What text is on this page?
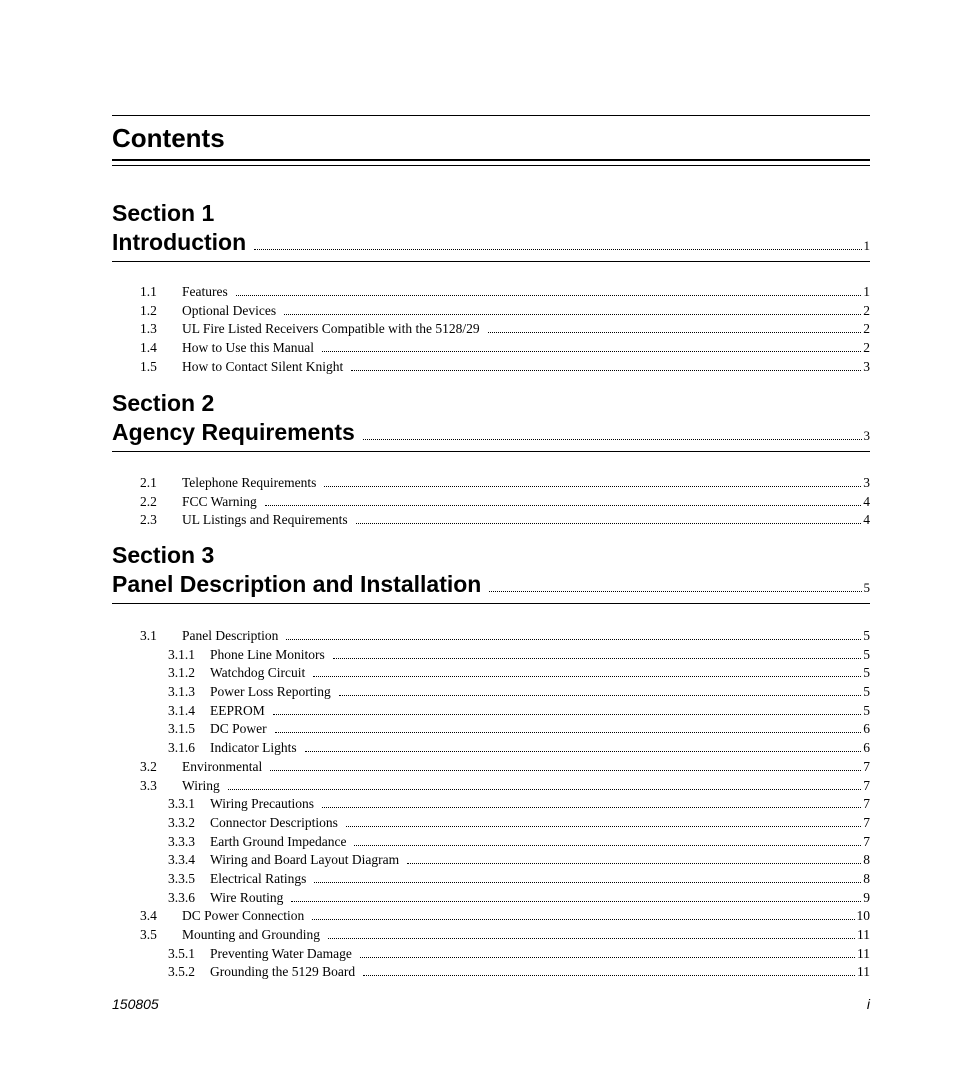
Contents
Section 1
Introduction	1
1.1	Features	1
1.2	Optional Devices	2
1.3	UL Fire Listed Receivers Compatible with the 5128/29	2
1.4	How to Use this Manual	2
1.5	How to Contact Silent Knight	3
Section 2
Agency Requirements	3
2.1	Telephone Requirements	3
2.2	FCC Warning	4
2.3	UL Listings and Requirements	4
Section 3
Panel Description and Installation	5
3.1	Panel Description	5
3.1.1	Phone Line Monitors	5
3.1.2	Watchdog Circuit	5
3.1.3	Power Loss Reporting	5
3.1.4	EEPROM	5
3.1.5	DC Power	6
3.1.6	Indicator Lights	6
3.2	Environmental	7
3.3	Wiring	7
3.3.1	Wiring Precautions	7
3.3.2	Connector Descriptions	7
3.3.3	Earth Ground Impedance	7
3.3.4	Wiring and Board Layout Diagram	8
3.3.5	Electrical Ratings	8
3.3.6	Wire Routing	9
3.4	DC Power Connection	10
3.5	Mounting and Grounding	11
3.5.1	Preventing Water Damage	11
3.5.2	Grounding the 5129 Board	11
150805	i
